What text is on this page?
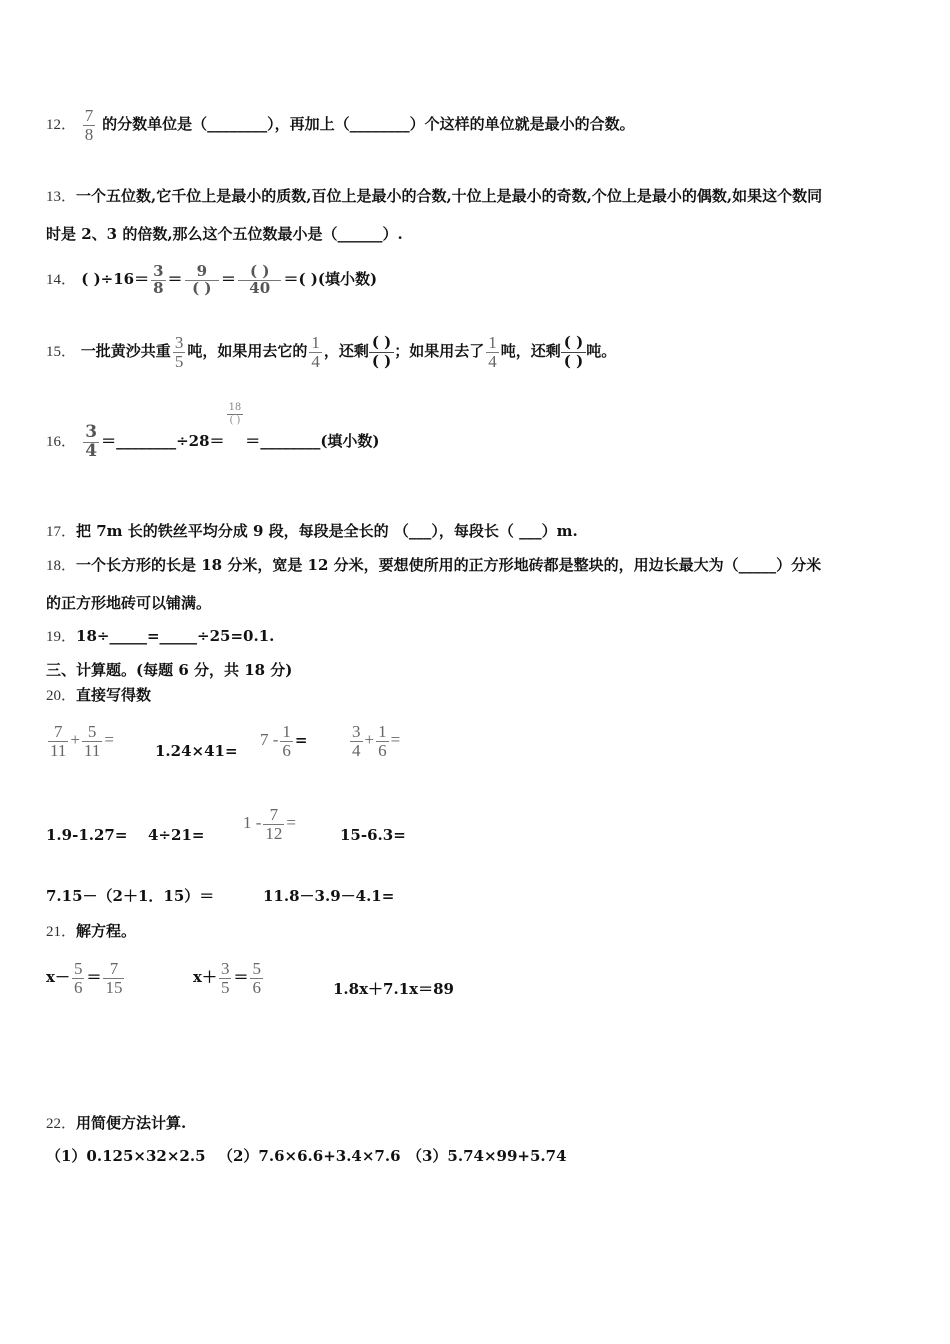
12． $\frac{7}{8}$ 的分数单位是（________），再加上（________）个这样的单位就是最小的合数。
13．一个五位数,它千位上是最小的质数,百位上是最小的合数,十位上是最小的奇数,个位上是最小的偶数,如果这个数同
时是 2、3 的倍数,那么这个五位数最小是（______）.
14． ( )$\div 16= \frac{3}{8} = \frac{9}{( )} = \frac{( )}{40}$ ＝( )(填小数)
15． 一批黄沙共重 $\frac{3}{5}$ 吨，如果用去它的 $\frac{1}{4}$ ，还剩 $\frac{( )}{( )}$ ；如果用去了 $\frac{1}{4}$ 吨，还剩 $\frac{( )}{( )}$ 吨。
16． $\frac{3}{4}$ ＝________÷28＝
$\frac{18}{( )}$
＝________(填小数)
17．把 7m 长的铁丝平均分成 9 段，每段是全长的 （___），每段长（ ___）m.
18．一个长方形的长是 18 分米，宽是 12 分米，要想使所用的正方形地砖都是整块的，用边长最大为（_____）分米
的正方形地砖可以铺满。
19．18÷_____=_____÷25=0.1.
三、计算题。(每题 6 分，共 18 分)
20．直接写得数
$\frac{7}{11} + \frac{5}{11}$ =
1.24×41=
$7 - \frac{1}{6}$ =	$\frac{3}{4} + \frac{1}{6}$ =
1.9-1.27= 4÷21=
$1 - \frac{7}{12}$ =
15-6.3=
7.15－（2＋1．15）＝	11.8－3.9－4.1=
21．解方程。
$x- \frac{5}{6} = \frac{7}{15}$	$x+ \frac{3}{5} = \frac{5}{6}$	1.8x＋7.1x＝89
22．用简便方法计算.
（1）0.125×32×2.5 （2）7.6×6.6+3.4×7.6 （3）5.74×99+5.74
